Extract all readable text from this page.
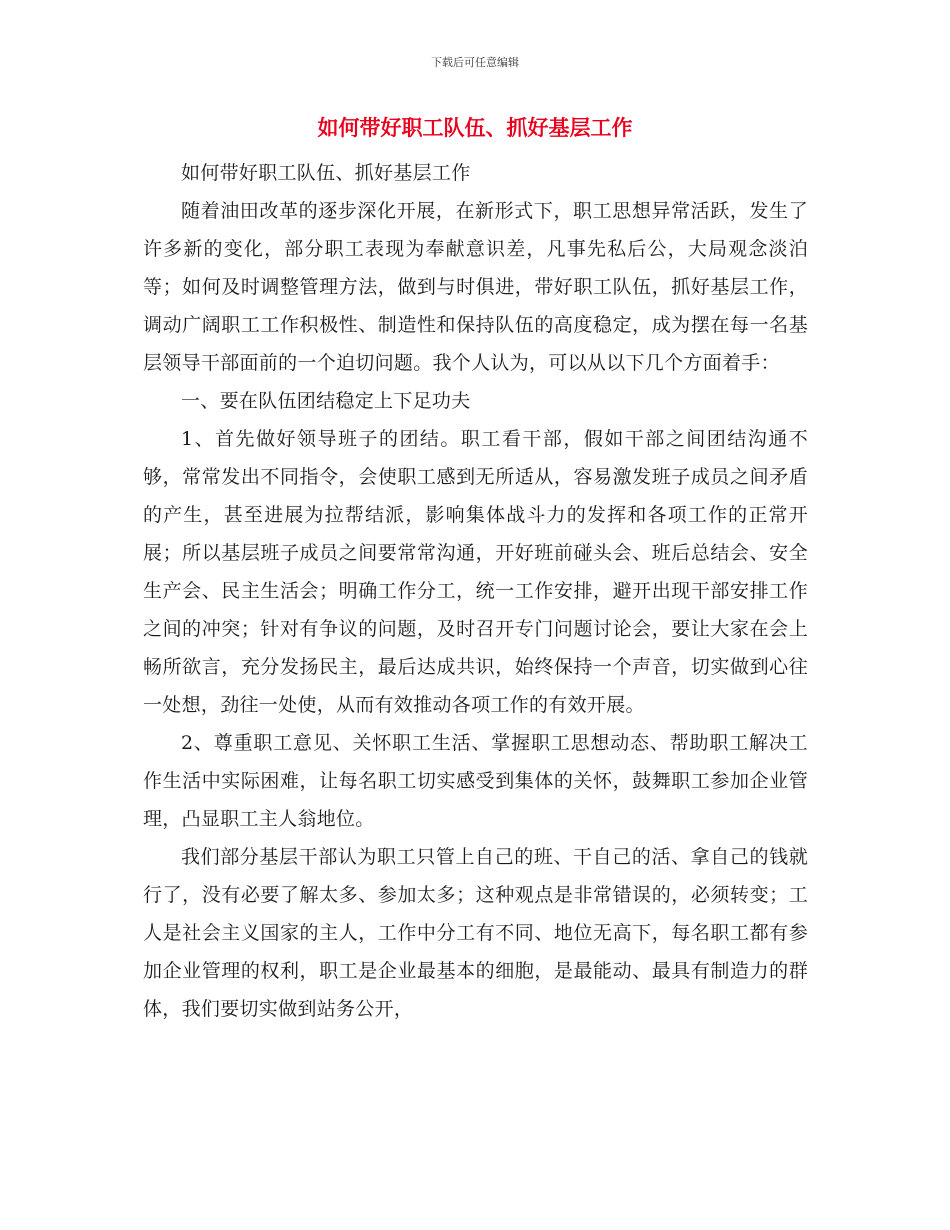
下载后可任意编辑
如何带好职工队伍、抓好基层工作

如何带好职工队伍、抓好基层工作

随着油田改革的逐步深化开展，在新形式下，职工思想异常活跃，发生了许多新的变化，部分职工表现为奉献意识差，凡事先私后公，大局观念淡泊等；如何及时调整管理方法，做到与时俱进，带好职工队伍，抓好基层工作，调动广阔职工工作积极性、制造性和保持队伍的高度稳定，成为摆在每一名基层领导干部面前的一个迫切问题。我个人认为，可以从以下几个方面着手：

一、要在队伍团结稳定上下足功夫

1、首先做好领导班子的团结。职工看干部，假如干部之间团结沟通不够，常常发出不同指令，会使职工感到无所适从，容易激发班子成员之间矛盾的产生，甚至进展为拉帮结派，影响集体战斗力的发挥和各项工作的正常开展；所以基层班子成员之间要常常沟通，开好班前碰头会、班后总结会、安全生产会、民主生活会；明确工作分工，统一工作安排，避开出现干部安排工作之间的冲突；针对有争议的问题，及时召开专门问题讨论会，要让大家在会上畅所欲言，充分发扬民主，最后达成共识，始终保持一个声音，切实做到心往一处想，劲往一处使，从而有效推动各项工作的有效开展。

2、尊重职工意见、关怀职工生活、掌握职工思想动态、帮助职工解决工作生活中实际困难，让每名职工切实感受到集体的关怀，鼓舞职工参加企业管理，凸显职工主人翁地位。

我们部分基层干部认为职工只管上自己的班、干自己的活、拿自己的钱就行了，没有必要了解太多、参加太多；这种观点是非常错误的，必须转变；工人是社会主义国家的主人，工作中分工有不同、地位无高下，每名职工都有参加企业管理的权利，职工是企业最基本的细胞，是最能动、最具有制造力的群体，我们要切实做到站务公开，
